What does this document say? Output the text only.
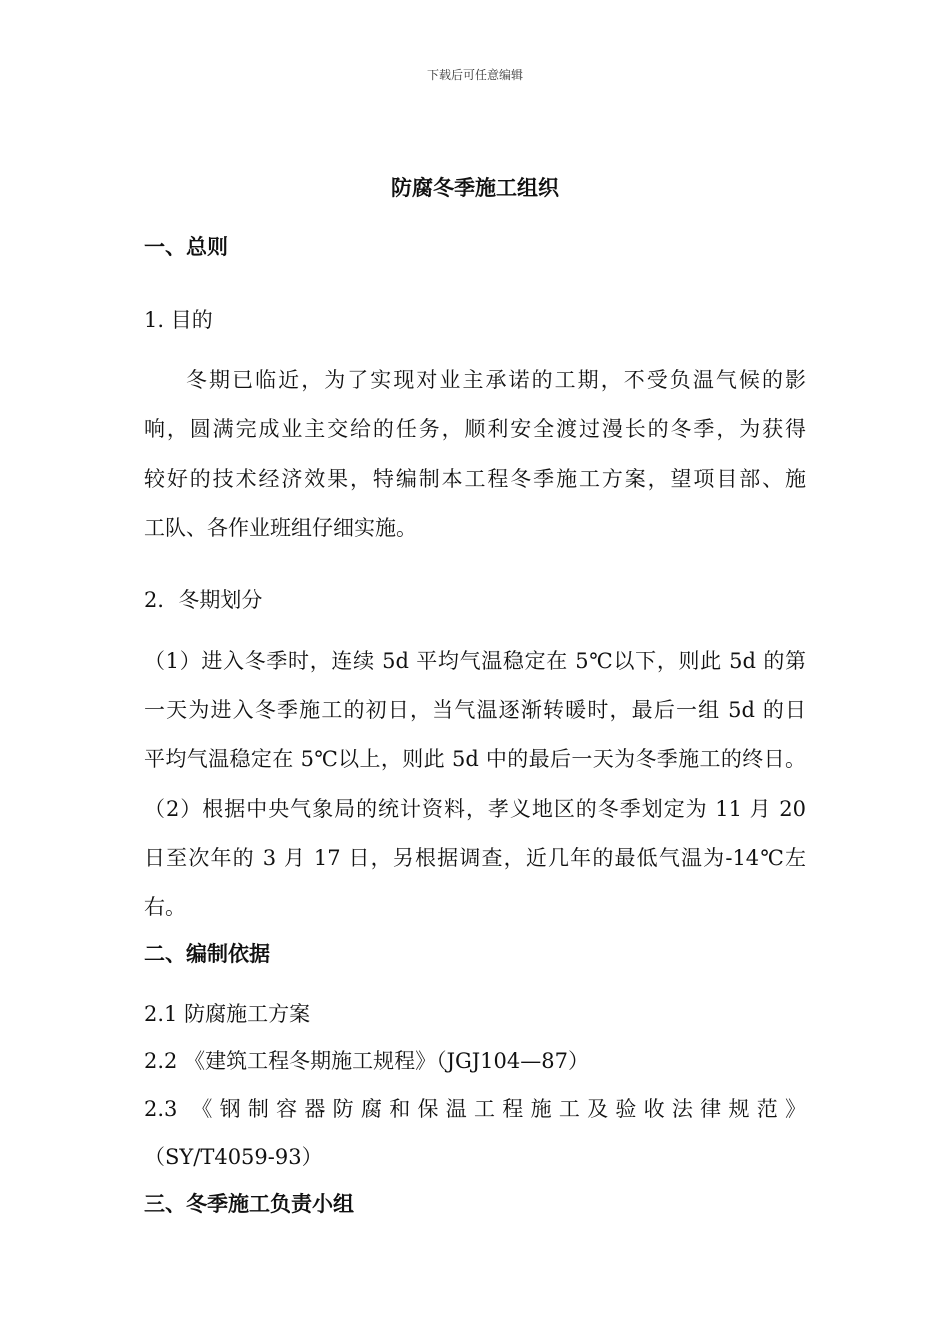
下载后可任意编辑
防腐冬季施工组织

一、总则

1. 目的

冬期已临近，为了实现对业主承诺的工期，不受负温气候的影

响，圆满完成业主交给的任务，顺利安全渡过漫长的冬季，为获得

较好的技术经济效果，特编制本工程冬季施工方案，望项目部、施

工队、各作业班组仔细实施。

2．冬期划分

（1）进入冬季时，连续 5d 平均气温稳定在 5℃以下，则此 5d 的第

一天为进入冬季施工的初日，当气温逐渐转暖时，最后一组 5d 的日

平均气温稳定在 5℃以上，则此 5d 中的最后一天为冬季施工的终日。

（2）根据中央气象局的统计资料，孝义地区的冬季划定为 11 月 20

日至次年的 3 月 17 日，另根据调查，近几年的最低气温为-14℃左

右。

二、编制依据

2.1 防腐施工方案

2.2 《建筑工程冬期施工规程》（JGJ104—87）

2.3 《钢制容器防腐和保温工程施工及验收法律规范》

（SY/T4059-93）

三、冬季施工负责小组
